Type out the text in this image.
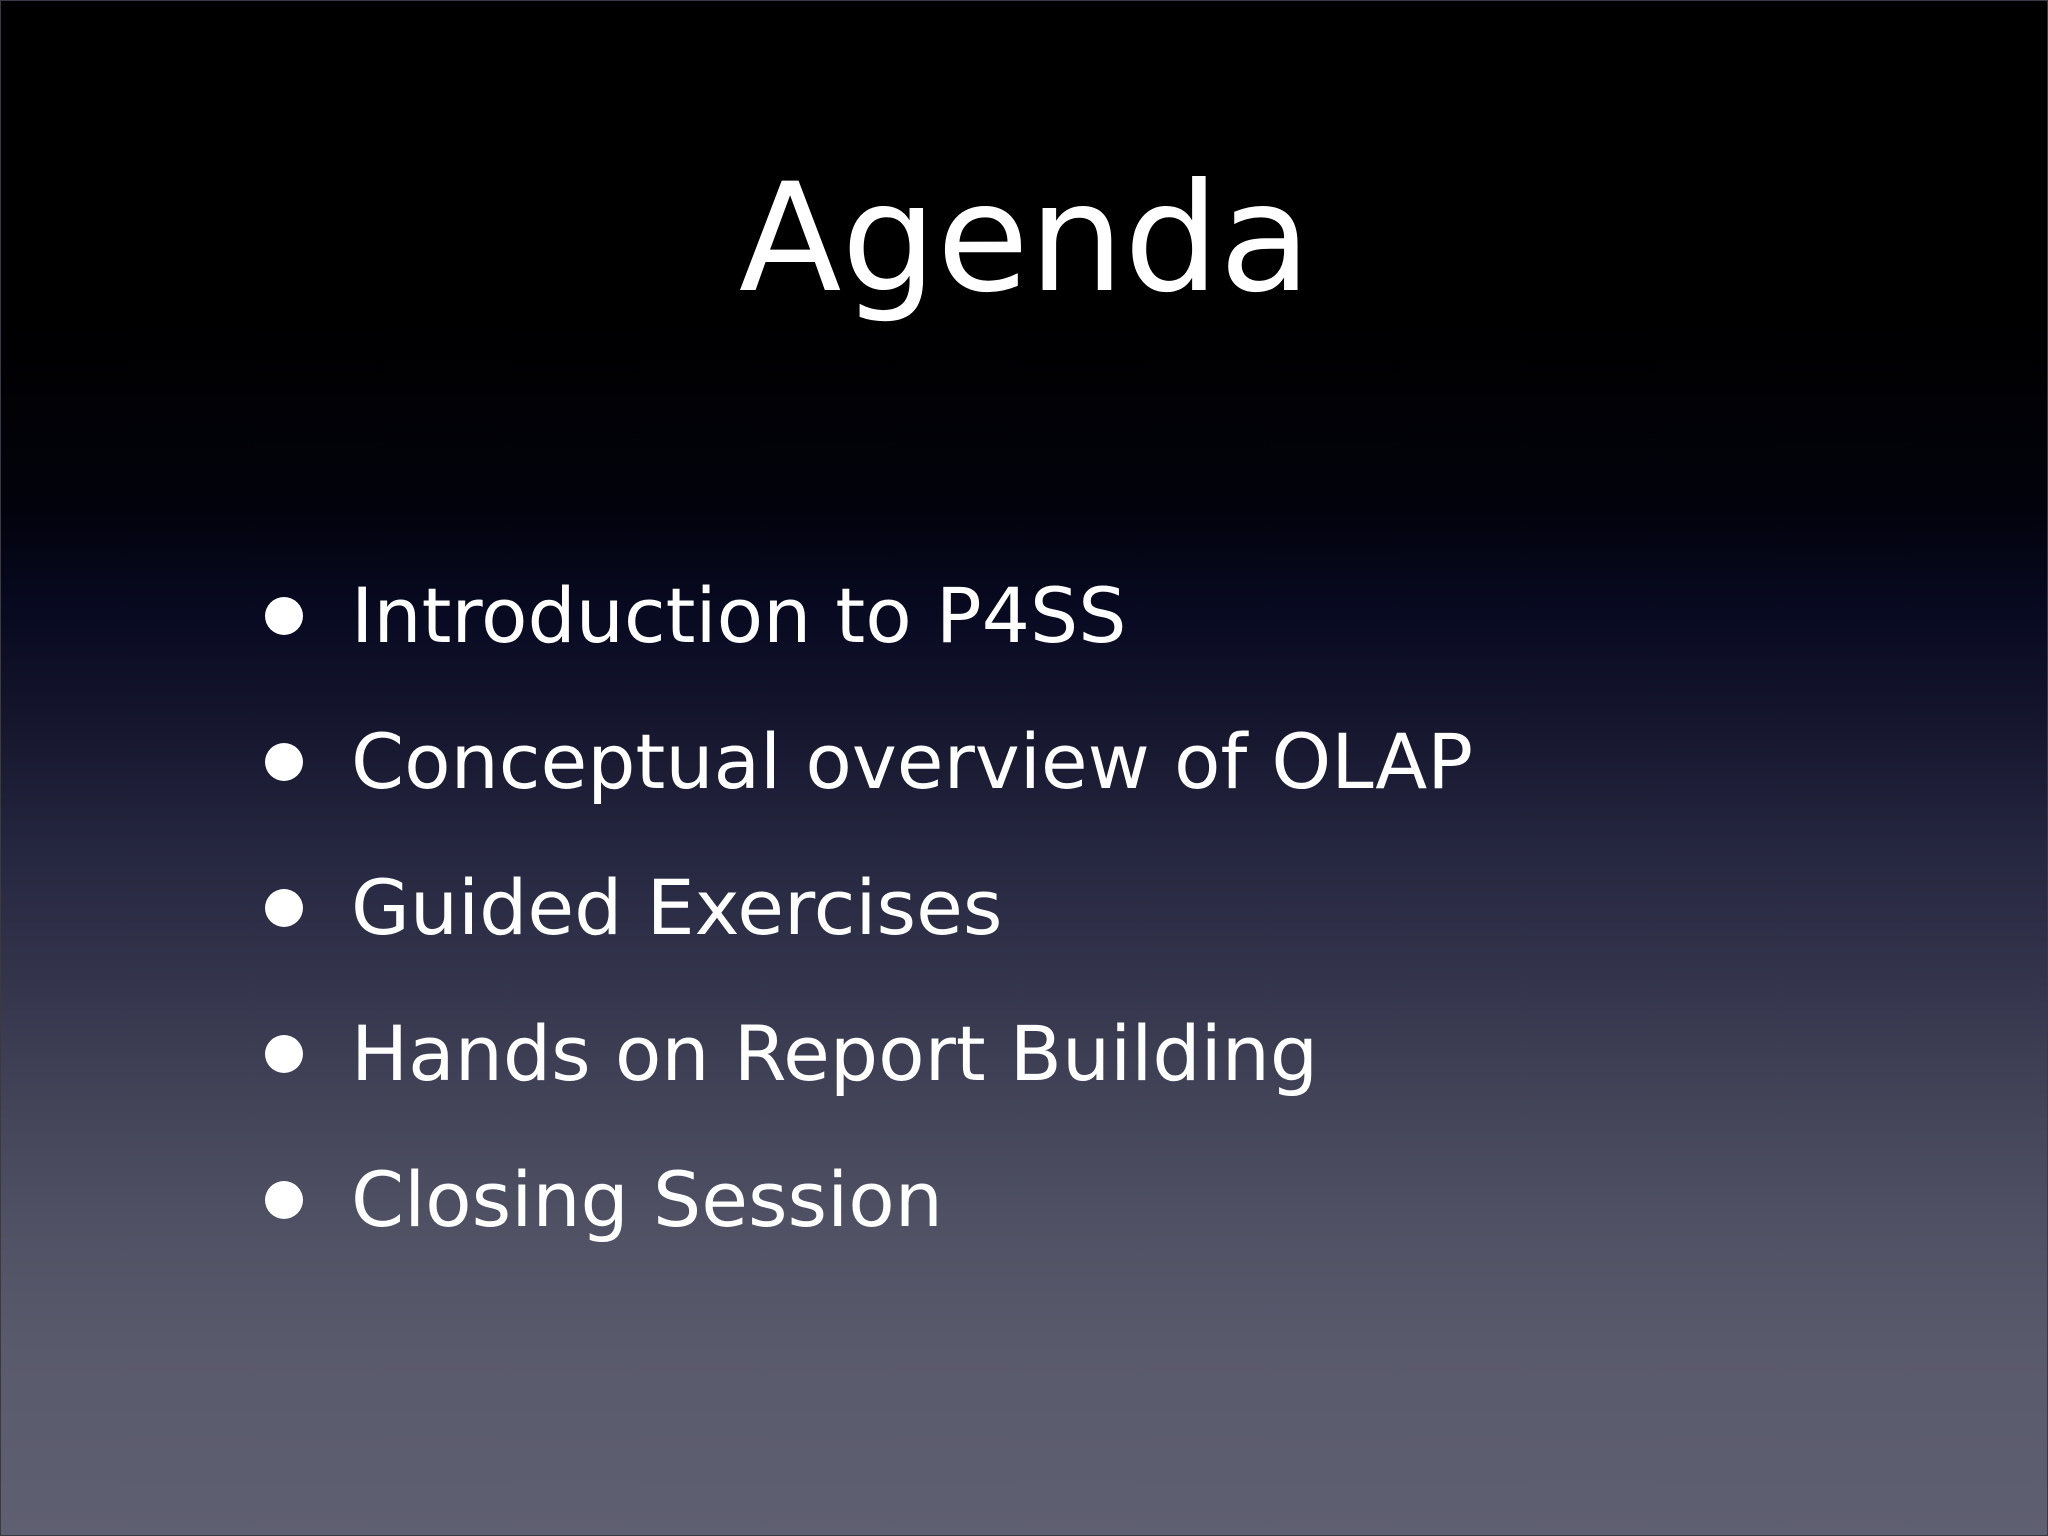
Agenda
Introduction to P4SS
Conceptual overview of OLAP
Guided Exercises
Hands on Report Building
Closing Session
